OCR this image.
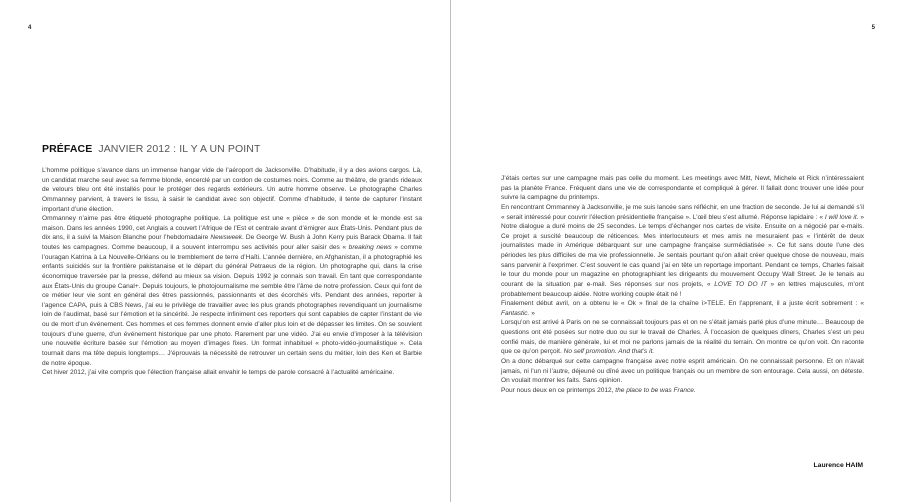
4
PRÉFACE JANVIER 2012 : IL Y A UN POINT

L’homme politique s’avance dans un immense hangar vide de l’aéroport de Jacksonville. D’habitude, il y a des avions cargos. Là, un candidat marche seul avec sa femme blonde, encerclé par un cordon de costumes noirs. Comme au théâtre, de grands rideaux de velours bleu ont été installés pour le protéger des regards extérieurs. Un autre homme observe. Le photographe Charles Ommanney parvient, à travers le tissu, à saisir le candidat avec son objectif. Comme d’habitude, il tente de capturer l’instant important d’une élection.

Ommanney n’aime pas être étiqueté photographe politique. La politique est une « pièce » de son monde et le monde est sa maison. Dans les années 1990, cet Anglais a couvert l’Afrique de l’Est et centrale avant d’émigrer aux États-Unis. Pendant plus de dix ans, il a suivi la Maison Blanche pour l’hebdomadaire Newsweek. De George W. Bush à John Kerry puis Barack Obama. Il fait toutes les campagnes. Comme beaucoup, il a souvent interrompu ses activités pour aller saisir des « breaking news » comme l’ouragan Katrina à La Nouvelle-Orléans ou le tremblement de terre d’Haïti. L’année dernière, en Afghanistan, il a photographié les enfants suicidés sur la frontière pakistanaise et le départ du général Petraeus de la région. Un photographe qui, dans la crise économique traversée par la presse, défend au mieux sa vision. Depuis 1992 je connais son travail. En tant que correspondante aux États-Unis du groupe Canal+. Depuis toujours, le photojournalisme me semble être l’âme de notre profession. Ceux qui font de ce métier leur vie sont en général des êtres passionnés, passionnants et des écorchés vifs. Pendant des années, reporter à l’agence CAPA, puis à CBS News, j’ai eu le privilège de travailler avec les plus grands photographes revendiquant un journalisme loin de l’audimat, basé sur l’émotion et la sincérité. Je respecte infiniment ces reporters qui sont capables de capter l’instant de vie ou de mort d’un événement. Ces hommes et ces femmes donnent envie d’aller plus loin et de dépasser les limites. On se souvient toujours d’une guerre, d’un événement historique par une photo. Rarement par une vidéo. J’ai eu envie d’imposer à la télévision une nouvelle écriture basée sur l’émotion au moyen d’images fixes. Un format inhabituel « photo-vidéo-journalistique ». Cela tournait dans ma tête depuis longtemps… J’éprouvais la nécessité de retrouver un certain sens du métier, loin des Ken et Barbie de notre époque.

Cet hiver 2012, j’ai vite compris que l’élection française allait envahir le temps de parole consacré à l’actualité américaine.

5

J’étais certes sur une campagne mais pas celle du moment. Les meetings avec Mitt, Newt, Michele et Rick n’intéressaient pas la planète France. Fréquent dans une vie de correspondante et compliqué à gérer. Il fallait donc trouver une idée pour suivre la campagne du printemps.

En rencontrant Ommanney à Jacksonville, je me suis lancée sans réfléchir, en une fraction de seconde. Je lui ai demandé s’il « serait intéressé pour couvrir l’élection présidentielle française ». L’œil bleu s’est allumé. Réponse lapidaire : « I will love it. » Notre dialogue a duré moins de 25 secondes. Le temps d’échanger nos cartes de visite. Ensuite on a négocié par e-mails. Ce projet a suscité beaucoup de réticences. Mes interlocuteurs et mes amis ne mesuraient pas « l’intérêt de deux journalistes made in Amérique débarquant sur une campagne française surmédiatisée ». Ce fut sans doute l’une des périodes les plus difficiles de ma vie professionnelle. Je sentais pourtant qu’on allait créer quelque chose de nouveau, mais sans parvenir à l’exprimer. C’est souvent le cas quand j’ai en tête un reportage important. Pendant ce temps, Charles faisait le tour du monde pour un magazine en photographiant les dirigeants du mouvement Occupy Wall Street. Je le tenais au courant de la situation par e-mail. Ses réponses sur nos projets, « LOVE TO DO IT » en lettres majuscules, m’ont probablement beaucoup aidée. Notre working couple était né !

Finalement début avril, on a obtenu le « Ok » final de la chaîne i>TELE. En l’apprenant, il a juste écrit sobrement : « Fantastic. »

Lorsqu’on est arrivé à Paris on ne se connaissait toujours pas et on ne s’était jamais parlé plus d’une minute… Beaucoup de questions ont été posées sur notre duo ou sur le travail de Charles. À l’occasion de quelques dîners, Charles s’est un peu confié mais, de manière générale, lui et moi ne parlons jamais de la réalité du terrain. On montre ce qu’on voit. On raconte que ce qu’on perçoit. No self promotion. And that’s it.

On a donc débarqué sur cette campagne française avec notre esprit américain. On ne connaissait personne. Et on n’avait jamais, ni l’un ni l’autre, déjeuné ou dîné avec un politique français ou un membre de son entourage. Cela aussi, on déteste. On voulait montrer les faits. Sans opinion.

Pour nous deux en ce printemps 2012, the place to be was France.

Laurence HAIM
